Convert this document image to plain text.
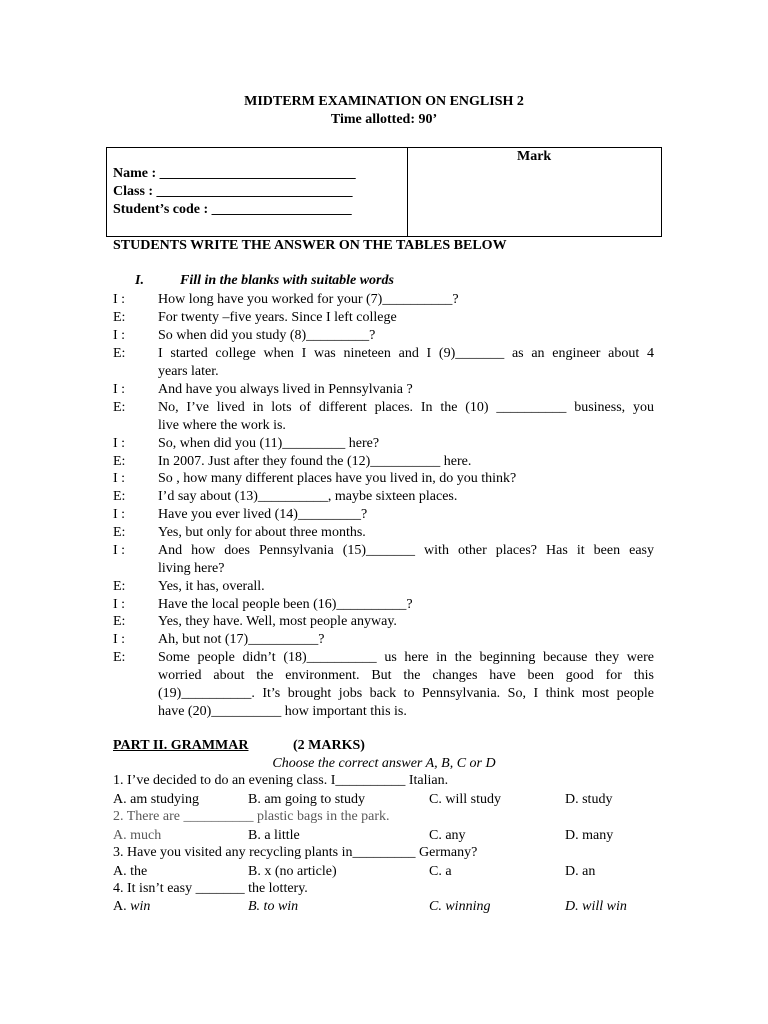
MIDTERM EXAMINATION ON ENGLISH 2
Time allotted: 90’
Name : ____________________________
Class : ____________________________
Student’s code : ____________________
Mark
STUDENTS WRITE THE ANSWER ON THE TABLES BELOW
I.	Fill in the blanks with suitable words
I : How long have you worked for your (7)__________?
E: For twenty –five years. Since I left college
I : So when did you study (8)_________?
E: I started college when I was nineteen and I (9)_______ as an engineer about 4
years later.
I : And have you always lived in Pennsylvania ?
E: No, I’ve lived in lots of different places. In the (10) __________ business, you
live where the work is.
I : So, when did you (11)_________ here?
E: In 2007. Just after they found the (12)__________ here.
I : So , how many different places have you lived in, do you think?
E: I’d say about (13)__________, maybe sixteen places.
I : Have you ever lived (14)_________?
E: Yes, but only for about three months.
I : And how does Pennsylvania (15)_______ with other places? Has it been easy
living here?
E: Yes, it has, overall.
I : Have the local people been (16)__________?
E: Yes, they have. Well, most people anyway.
I : Ah, but not (17)__________?
E: Some people didn’t (18)__________ us here in the beginning because they were
worried about the environment. But the changes have been good for this
(19)__________. It’s brought jobs back to Pennsylvania. So, I think most people
have (20)__________ how important this is.
PART II. GRAMMAR	(2 MARKS)
Choose the correct answer A, B, C or D
1. I’ve decided to do an evening class. I__________ Italian.
A. am studying	B. am going to study	C. will study	D. study
2. There are __________ plastic bags in the park.
A. much	B. a little	C. any	D. many
3. Have you visited any recycling plants in_________ Germany?
A. the	B. x (no article)	C. a	D. an
4. It isn’t easy _______ the lottery.
A. win	B. to win	C. winning	D. will win
